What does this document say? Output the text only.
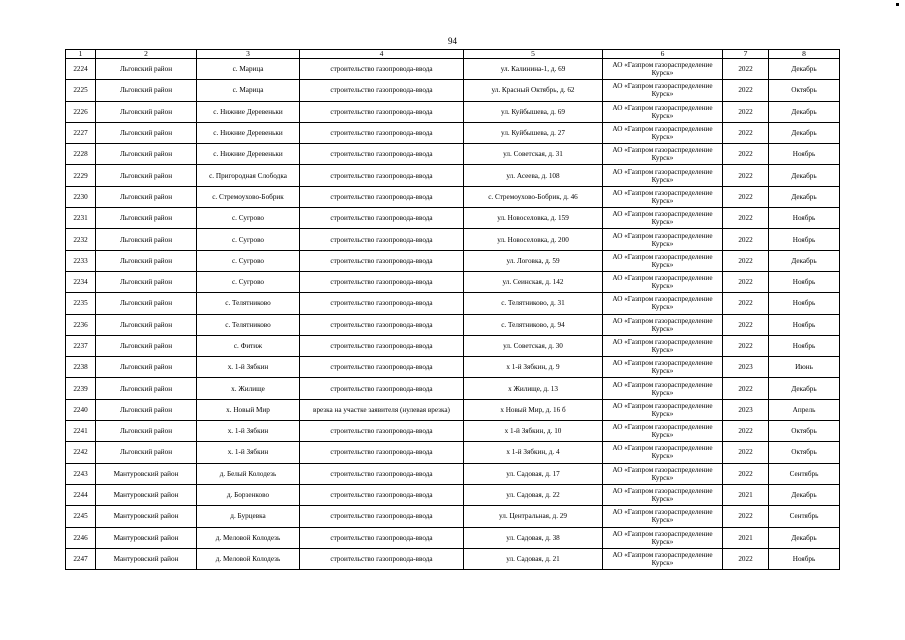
94
1	2	3	4	5	6	7	8
2224	Льговский район	с. Марица	строительство газопровода-ввода	ул. Калинина-1, д. 69	АО «Газпром газораспределение Курск»	2022	Декабрь
2225	Льговский район	с. Марица	строительство газопровода-ввода	ул. Красный Октябрь, д. 62	АО «Газпром газораспределение Курск»	2022	Октябрь
2226	Льговский район	с. Нижние Деревеньки	строительство газопровода-ввода	ул. Куйбышева, д. 69	АО «Газпром газораспределение Курск»	2022	Декабрь
2227	Льговский район	с. Нижние Деревеньки	строительство газопровода-ввода	ул. Куйбышева, д. 27	АО «Газпром газораспределение Курск»	2022	Декабрь
2228	Льговский район	с. Нижние Деревеньки	строительство газопровода-ввода	ул. Советская, д. 31	АО «Газпром газораспределение Курск»	2022	Ноябрь
2229	Льговский район	с. Пригородная Слободка	строительство газопровода-ввода	ул. Асеева, д. 108	АО «Газпром газораспределение Курск»	2022	Декабрь
2230	Льговский район	с. Стремоухово-Бобрик	строительство газопровода-ввода	с. Стремоухово-Бобрик, д. 46	АО «Газпром газораспределение Курск»	2022	Декабрь
2231	Льговский район	с. Сугрово	строительство газопровода-ввода	ул. Новоселовка, д. 159	АО «Газпром газораспределение Курск»	2022	Ноябрь
2232	Льговский район	с. Сугрово	строительство газопровода-ввода	ул. Новоселовка, д. 200	АО «Газпром газораспределение Курск»	2022	Ноябрь
2233	Льговский район	с. Сугрово	строительство газопровода-ввода	ул. Логовка, д. 59	АО «Газпром газораспределение Курск»	2022	Декабрь
2234	Льговский район	с. Сугрово	строительство газопровода-ввода	ул. Сеинская, д. 142	АО «Газпром газораспределение Курск»	2022	Ноябрь
2235	Льговский район	с. Телятниково	строительство газопровода-ввода	с. Телятниково, д. 31	АО «Газпром газораспределение Курск»	2022	Ноябрь
2236	Льговский район	с. Телятниково	строительство газопровода-ввода	с. Телятниково, д. 94	АО «Газпром газораспределение Курск»	2022	Ноябрь
2237	Льговский район	с. Фитиж	строительство газопровода-ввода	ул. Советская, д. 30	АО «Газпром газораспределение Курск»	2022	Ноябрь
2238	Льговский район	х. 1-й Зябкин	строительство газопровода-ввода	х 1-й Зябкин, д. 9	АО «Газпром газораспределение Курск»	2023	Июнь
2239	Льговский район	х. Жилище	строительство газопровода-ввода	х Жилище, д. 13	АО «Газпром газораспределение Курск»	2022	Декабрь
2240	Льговский район	х. Новый Мир	врезка на участке заявителя (нулевая врезка)	х Новый Мир, д. 16 б	АО «Газпром газораспределение Курск»	2023	Апрель
2241	Льговский район	х. 1-й Зябкин	строительство газопровода-ввода	х 1-й Зябкин, д. 10	АО «Газпром газораспределение Курск»	2022	Октябрь
2242	Льговский район	х. 1-й Зябкин	строительство газопровода-ввода	х 1-й Зябкин, д. 4	АО «Газпром газораспределение Курск»	2022	Октябрь
2243	Мантуровский район	д. Белый Колодезь	строительство газопровода-ввода	ул. Садовая, д. 17	АО «Газпром газораспределение Курск»	2022	Сентябрь
2244	Мантуровский район	д. Борзенково	строительство газопровода-ввода	ул. Садовая, д. 22	АО «Газпром газораспределение Курск»	2021	Декабрь
2245	Мантуровский район	д. Бурцевка	строительство газопровода-ввода	ул. Центральная, д. 29	АО «Газпром газораспределение Курск»	2022	Сентябрь
2246	Мантуровский район	д. Меловой Колодезь	строительство газопровода-ввода	ул. Садовая, д. 38	АО «Газпром газораспределение Курск»	2021	Декабрь
2247	Мантуровский район	д. Меловой Колодезь	строительство газопровода-ввода	ул. Садовая, д. 21	АО «Газпром газораспределение Курск»	2022	Ноябрь
